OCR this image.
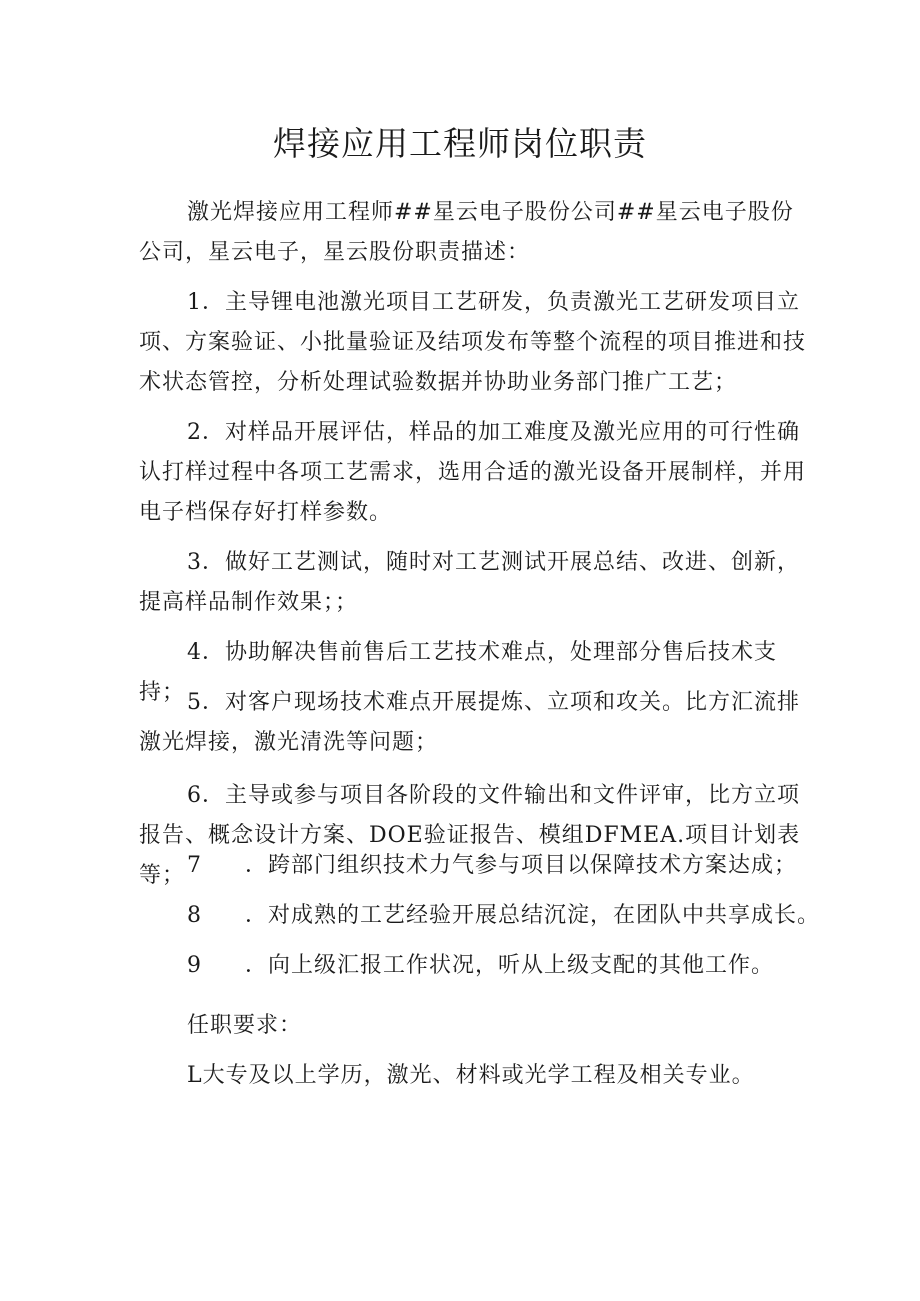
焊接应用工程师岗位职责

激光焊接应用工程师##星云电子股份公司##星云电子股份公司，星云电子，星云股份职责描述：

1．主导锂电池激光项目工艺研发，负责激光工艺研发项目立项、方案验证、小批量验证及结项发布等整个流程的项目推进和技术状态管控，分析处理试验数据并协助业务部门推广工艺；

2．对样品开展评估，样品的加工难度及激光应用的可行性确认打样过程中各项工艺需求，选用合适的激光设备开展制样，并用电子档保存好打样参数。

3．做好工艺测试，随时对工艺测试开展总结、改进、创新，提高样品制作效果；；

4．协助解决售前售后工艺技术难点，处理部分售后技术支持； 5．对客户现场技术难点开展提炼、立项和攻关。比方汇流排激光焊接，激光清洗等问题；

6．主导或参与项目各阶段的文件输出和文件评审，比方立项报告、概念设计方案、DOE验证报告、模组DFMEA.项目计划表等； 7 ．跨部门组织技术力气参与项目以保障技术方案达成；
8 ．对成熟的工艺经验开展总结沉淀，在团队中共享成长。
9 ．向上级汇报工作状况，听从上级支配的其他工作。
任职要求：
L大专及以上学历，激光、材料或光学工程及相关专业。
